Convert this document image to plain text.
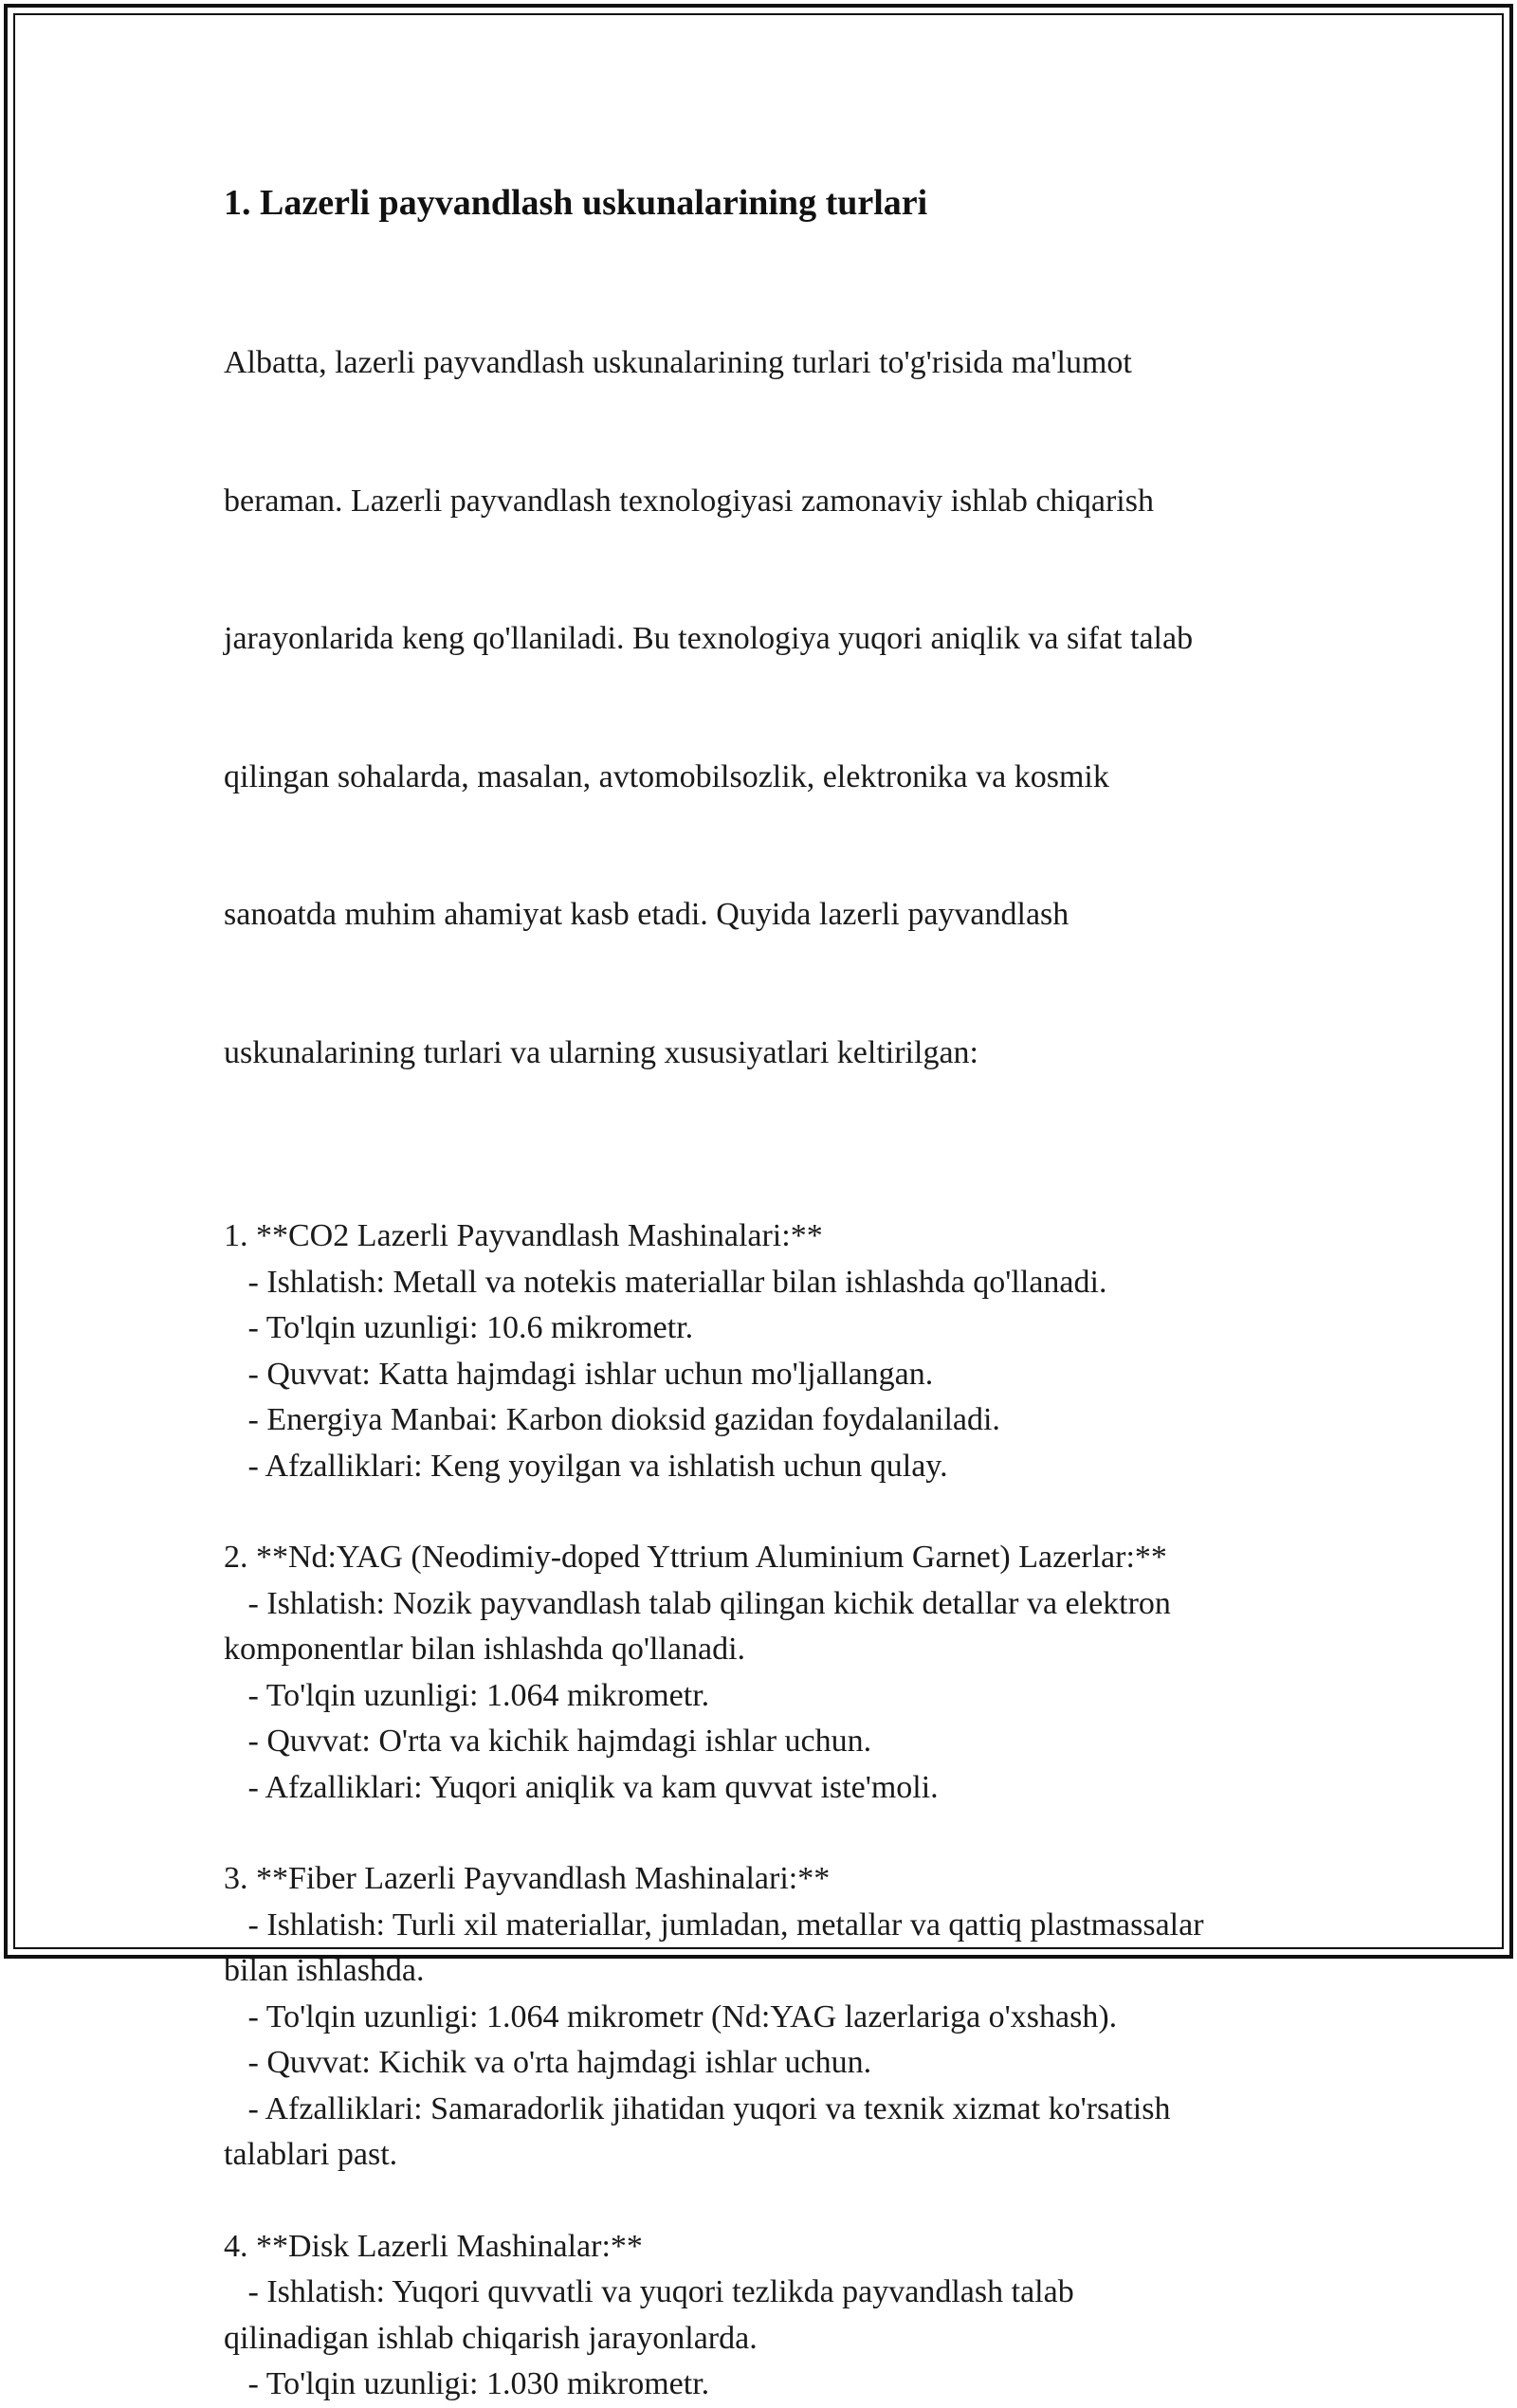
1. Lazerli payvandlash uskunalarining turlari

Albatta, lazerli payvandlash uskunalarining turlari to'g'risida ma'lumot

beraman. Lazerli payvandlash texnologiyasi zamonaviy ishlab chiqarish

jarayonlarida keng qo'llaniladi. Bu texnologiya yuqori aniqlik va sifat talab

qilingan sohalarda, masalan, avtomobilsozlik, elektronika va kosmik

sanoatda muhim ahamiyat kasb etadi. Quyida lazerli payvandlash

uskunalarining turlari va ularning xususiyatlari keltirilgan:

1. **CO2 Lazerli Payvandlash Mashinalari:**
- Ishlatish: Metall va notekis materiallar bilan ishlashda qo'llanadi.
- To'lqin uzunligi: 10.6 mikrometr.
- Quvvat: Katta hajmdagi ishlar uchun mo'ljallangan.
- Energiya Manbai: Karbon dioksid gazidan foydalaniladi.
- Afzalliklari: Keng yoyilgan va ishlatish uchun qulay.
2. **Nd:YAG (Neodimiy-doped Yttrium Aluminium Garnet) Lazerlar:**
- Ishlatish: Nozik payvandlash talab qilingan kichik detallar va elektron
komponentlar bilan ishlashda qo'llanadi.
- To'lqin uzunligi: 1.064 mikrometr.
- Quvvat: O'rta va kichik hajmdagi ishlar uchun.
- Afzalliklari: Yuqori aniqlik va kam quvvat iste'moli.
3. **Fiber Lazerli Payvandlash Mashinalari:**
- Ishlatish: Turli xil materiallar, jumladan, metallar va qattiq plastmassalar
bilan ishlashda.
- To'lqin uzunligi: 1.064 mikrometr (Nd:YAG lazerlariga o'xshash).
- Quvvat: Kichik va o'rta hajmdagi ishlar uchun.
- Afzalliklari: Samaradorlik jihatidan yuqori va texnik xizmat ko'rsatish
talablari past.
4. **Disk Lazerli Mashinalar:**
- Ishlatish: Yuqori quvvatli va yuqori tezlikda payvandlash talab
qilinadigan ishlab chiqarish jarayonlarda.
- To'lqin uzunligi: 1.030 mikrometr.
